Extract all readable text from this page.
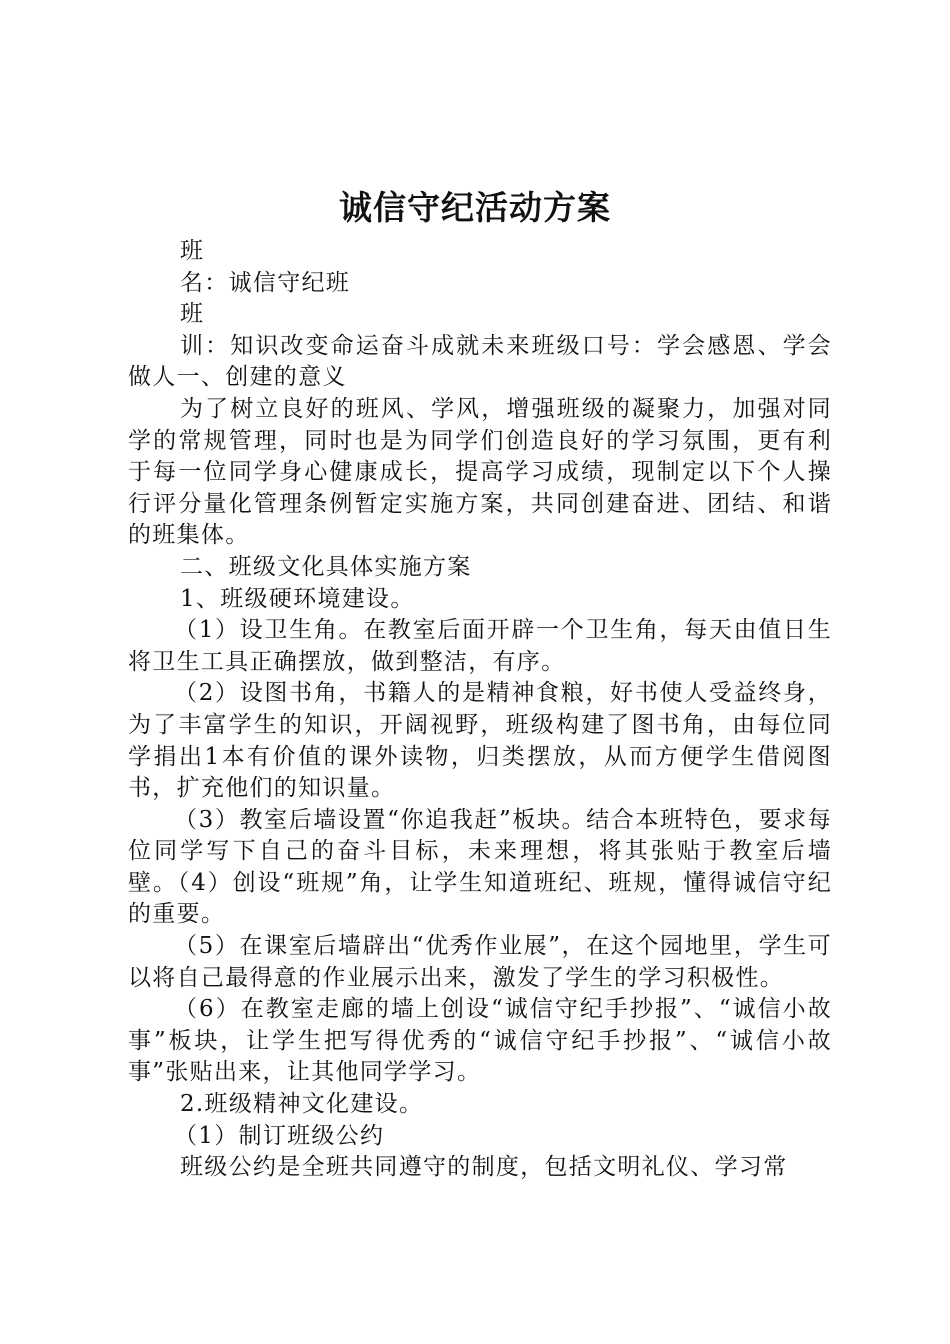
诚信守纪活动方案

班

名：诚信守纪班

班

训：知识改变命运奋斗成就未来班级口号：学会感恩、学会做人一、创建的意义

为了树立良好的班风、学风，增强班级的凝聚力，加强对同学的常规管理，同时也是为同学们创造良好的学习氛围，更有利于每一位同学身心健康成长，提高学习成绩，现制定以下个人操行评分量化管理条例暂定实施方案，共同创建奋进、团结、和谐的班集体。

二、班级文化具体实施方案

1、班级硬环境建设。

（1）设卫生角。在教室后面开辟一个卫生角，每天由值日生将卫生工具正确摆放，做到整洁，有序。

（2）设图书角，书籍人的是精神食粮，好书使人受益终身，为了丰富学生的知识，开阔视野，班级构建了图书角，由每位同学捐出1本有价值的课外读物，归类摆放，从而方便学生借阅图书，扩充他们的知识量。

（3）教室后墙设置“你追我赶”板块。结合本班特色，要求每位同学写下自己的奋斗目标，未来理想，将其张贴于教室后墙壁。（4）创设“班规”角，让学生知道班纪、班规，懂得诚信守纪的重要。

（5）在课室后墙辟出“优秀作业展”，在这个园地里，学生可以将自己最得意的作业展示出来，激发了学生的学习积极性。

（6）在教室走廊的墙上创设“诚信守纪手抄报”、“诚信小故事”板块，让学生把写得优秀的“诚信守纪手抄报”、“诚信小故事”张贴出来，让其他同学学习。

2.班级精神文化建设。

（1）制订班级公约

班级公约是全班共同遵守的制度，包括文明礼仪、学习常
